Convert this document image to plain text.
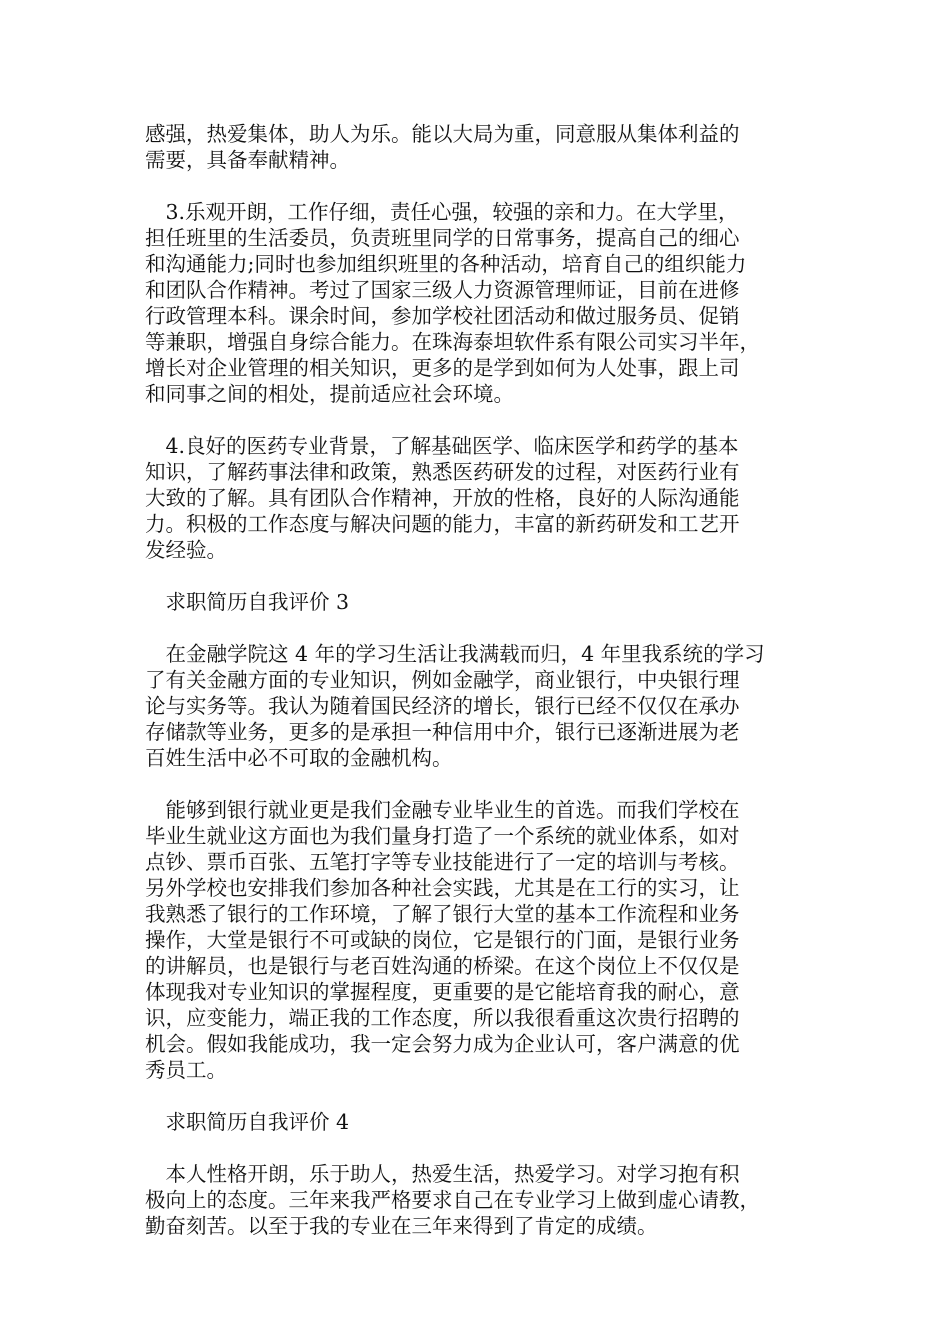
感强，热爱集体，助人为乐。能以大局为重，同意服从集体利益的
需要，具备奉献精神。
　3.乐观开朗，工作仔细，责任心强，较强的亲和力。在大学里，
担任班里的生活委员，负责班里同学的日常事务，提高自己的细心
和沟通能力;同时也参加组织班里的各种活动，培育自己的组织能力
和团队合作精神。考过了国家三级人力资源管理师证，目前在进修
行政管理本科。课余时间，参加学校社团活动和做过服务员、促销
等兼职，增强自身综合能力。在珠海泰坦软件系有限公司实习半年，
增长对企业管理的相关知识，更多的是学到如何为人处事，跟上司
和同事之间的相处，提前适应社会环境。
　4.良好的医药专业背景，了解基础医学、临床医学和药学的基本
知识，了解药事法律和政策，熟悉医药研发的过程，对医药行业有
大致的了解。具有团队合作精神，开放的性格，良好的人际沟通能
力。积极的工作态度与解决问题的能力，丰富的新药研发和工艺开
发经验。
　求职简历自我评价 3
　在金融学院这 4 年的学习生活让我满载而归，4 年里我系统的学习
了有关金融方面的专业知识，例如金融学，商业银行，中央银行理
论与实务等。我认为随着国民经济的增长，银行已经不仅仅在承办
存储款等业务，更多的是承担一种信用中介，银行已逐渐进展为老
百姓生活中必不可取的金融机构。
　能够到银行就业更是我们金融专业毕业生的首选。而我们学校在
毕业生就业这方面也为我们量身打造了一个系统的就业体系，如对
点钞、票币百张、五笔打字等专业技能进行了一定的培训与考核。
另外学校也安排我们参加各种社会实践，尤其是在工行的实习，让
我熟悉了银行的工作环境，了解了银行大堂的基本工作流程和业务
操作，大堂是银行不可或缺的岗位，它是银行的门面，是银行业务
的讲解员，也是银行与老百姓沟通的桥梁。在这个岗位上不仅仅是
体现我对专业知识的掌握程度，更重要的是它能培育我的耐心，意
识，应变能力，端正我的工作态度，所以我很看重这次贵行招聘的
机会。假如我能成功，我一定会努力成为企业认可，客户满意的优
秀员工。
　求职简历自我评价 4
　本人性格开朗，乐于助人，热爱生活，热爱学习。对学习抱有积
极向上的态度。三年来我严格要求自己在专业学习上做到虚心请教，
勤奋刻苦。以至于我的专业在三年来得到了肯定的成绩。
